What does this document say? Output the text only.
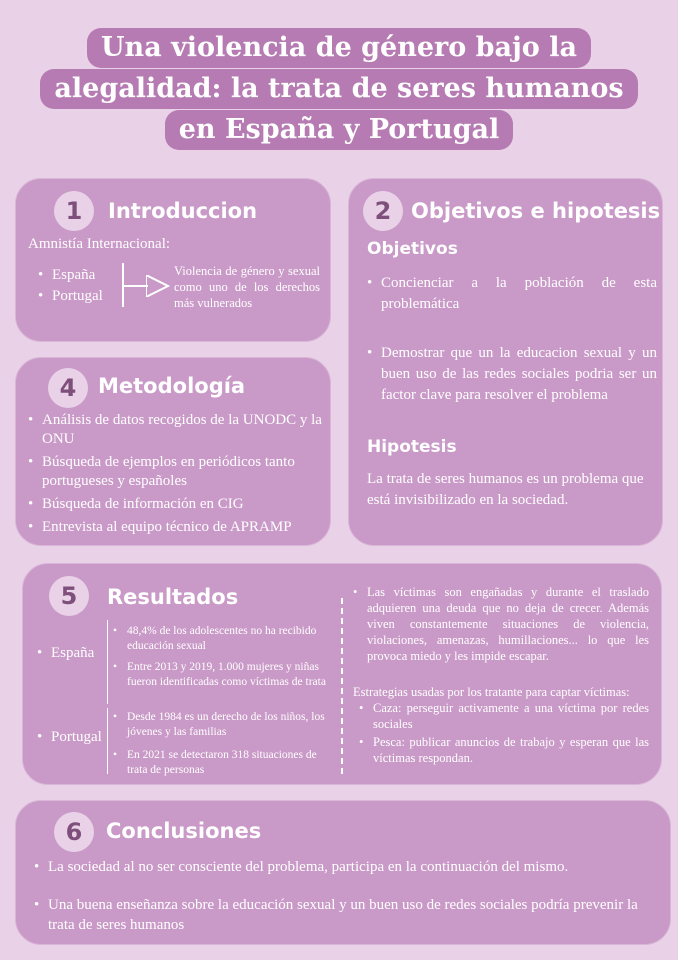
Una violencia de género bajo la
alegalidad: la trata de seres humanos
en España y Portugal
1	Introduccion
Amnistía Internacional:
• España
• Portugal
Violencia de género y sexual como uno de los derechos más vulnerados
2 Objetivos e hipotesis
Objetivos
• Concienciar a la población de esta problemática
• Demostrar que un la educacion sexual y un buen uso de las redes sociales podria ser un factor clave para resolver el problema
Hipotesis
La trata de seres humanos es un problema que está invisibilizado en la sociedad.
4	Metodología
• Análisis de datos recogidos de la UNODC y la ONU
• Búsqueda de ejemplos en periódicos tanto portugueses y españoles
• Búsqueda de información en CIG
• Entrevista al equipo técnico de APRAMP
5	Resultados
• España
• 48,4% de los adolescentes no ha recibido educación sexual
• Entre 2013 y 2019, 1.000 mujeres y niñas fueron identificadas como víctimas de trata
• Portugal
• Desde 1984 es un derecho de los niños, los jóvenes y las familias
• En 2021 se detectaron 318 situaciones de trata de personas
• Las víctimas son engañadas y durante el traslado adquieren una deuda que no deja de crecer. Además viven constantemente situaciones de violencia, violaciones, amenazas, humillaciones... lo que les provoca miedo y les impide escapar.
Estrategias usadas por los tratante para captar víctimas:
• Caza: perseguir activamente a una víctima por redes sociales
• Pesca: publicar anuncios de trabajo y esperan que las víctimas respondan.
6	Conclusiones
• La sociedad al no ser consciente del problema, participa en la continuación del mismo.
• Una buena enseñanza sobre la educación sexual y un buen uso de redes sociales podría prevenir la trata de seres humanos
